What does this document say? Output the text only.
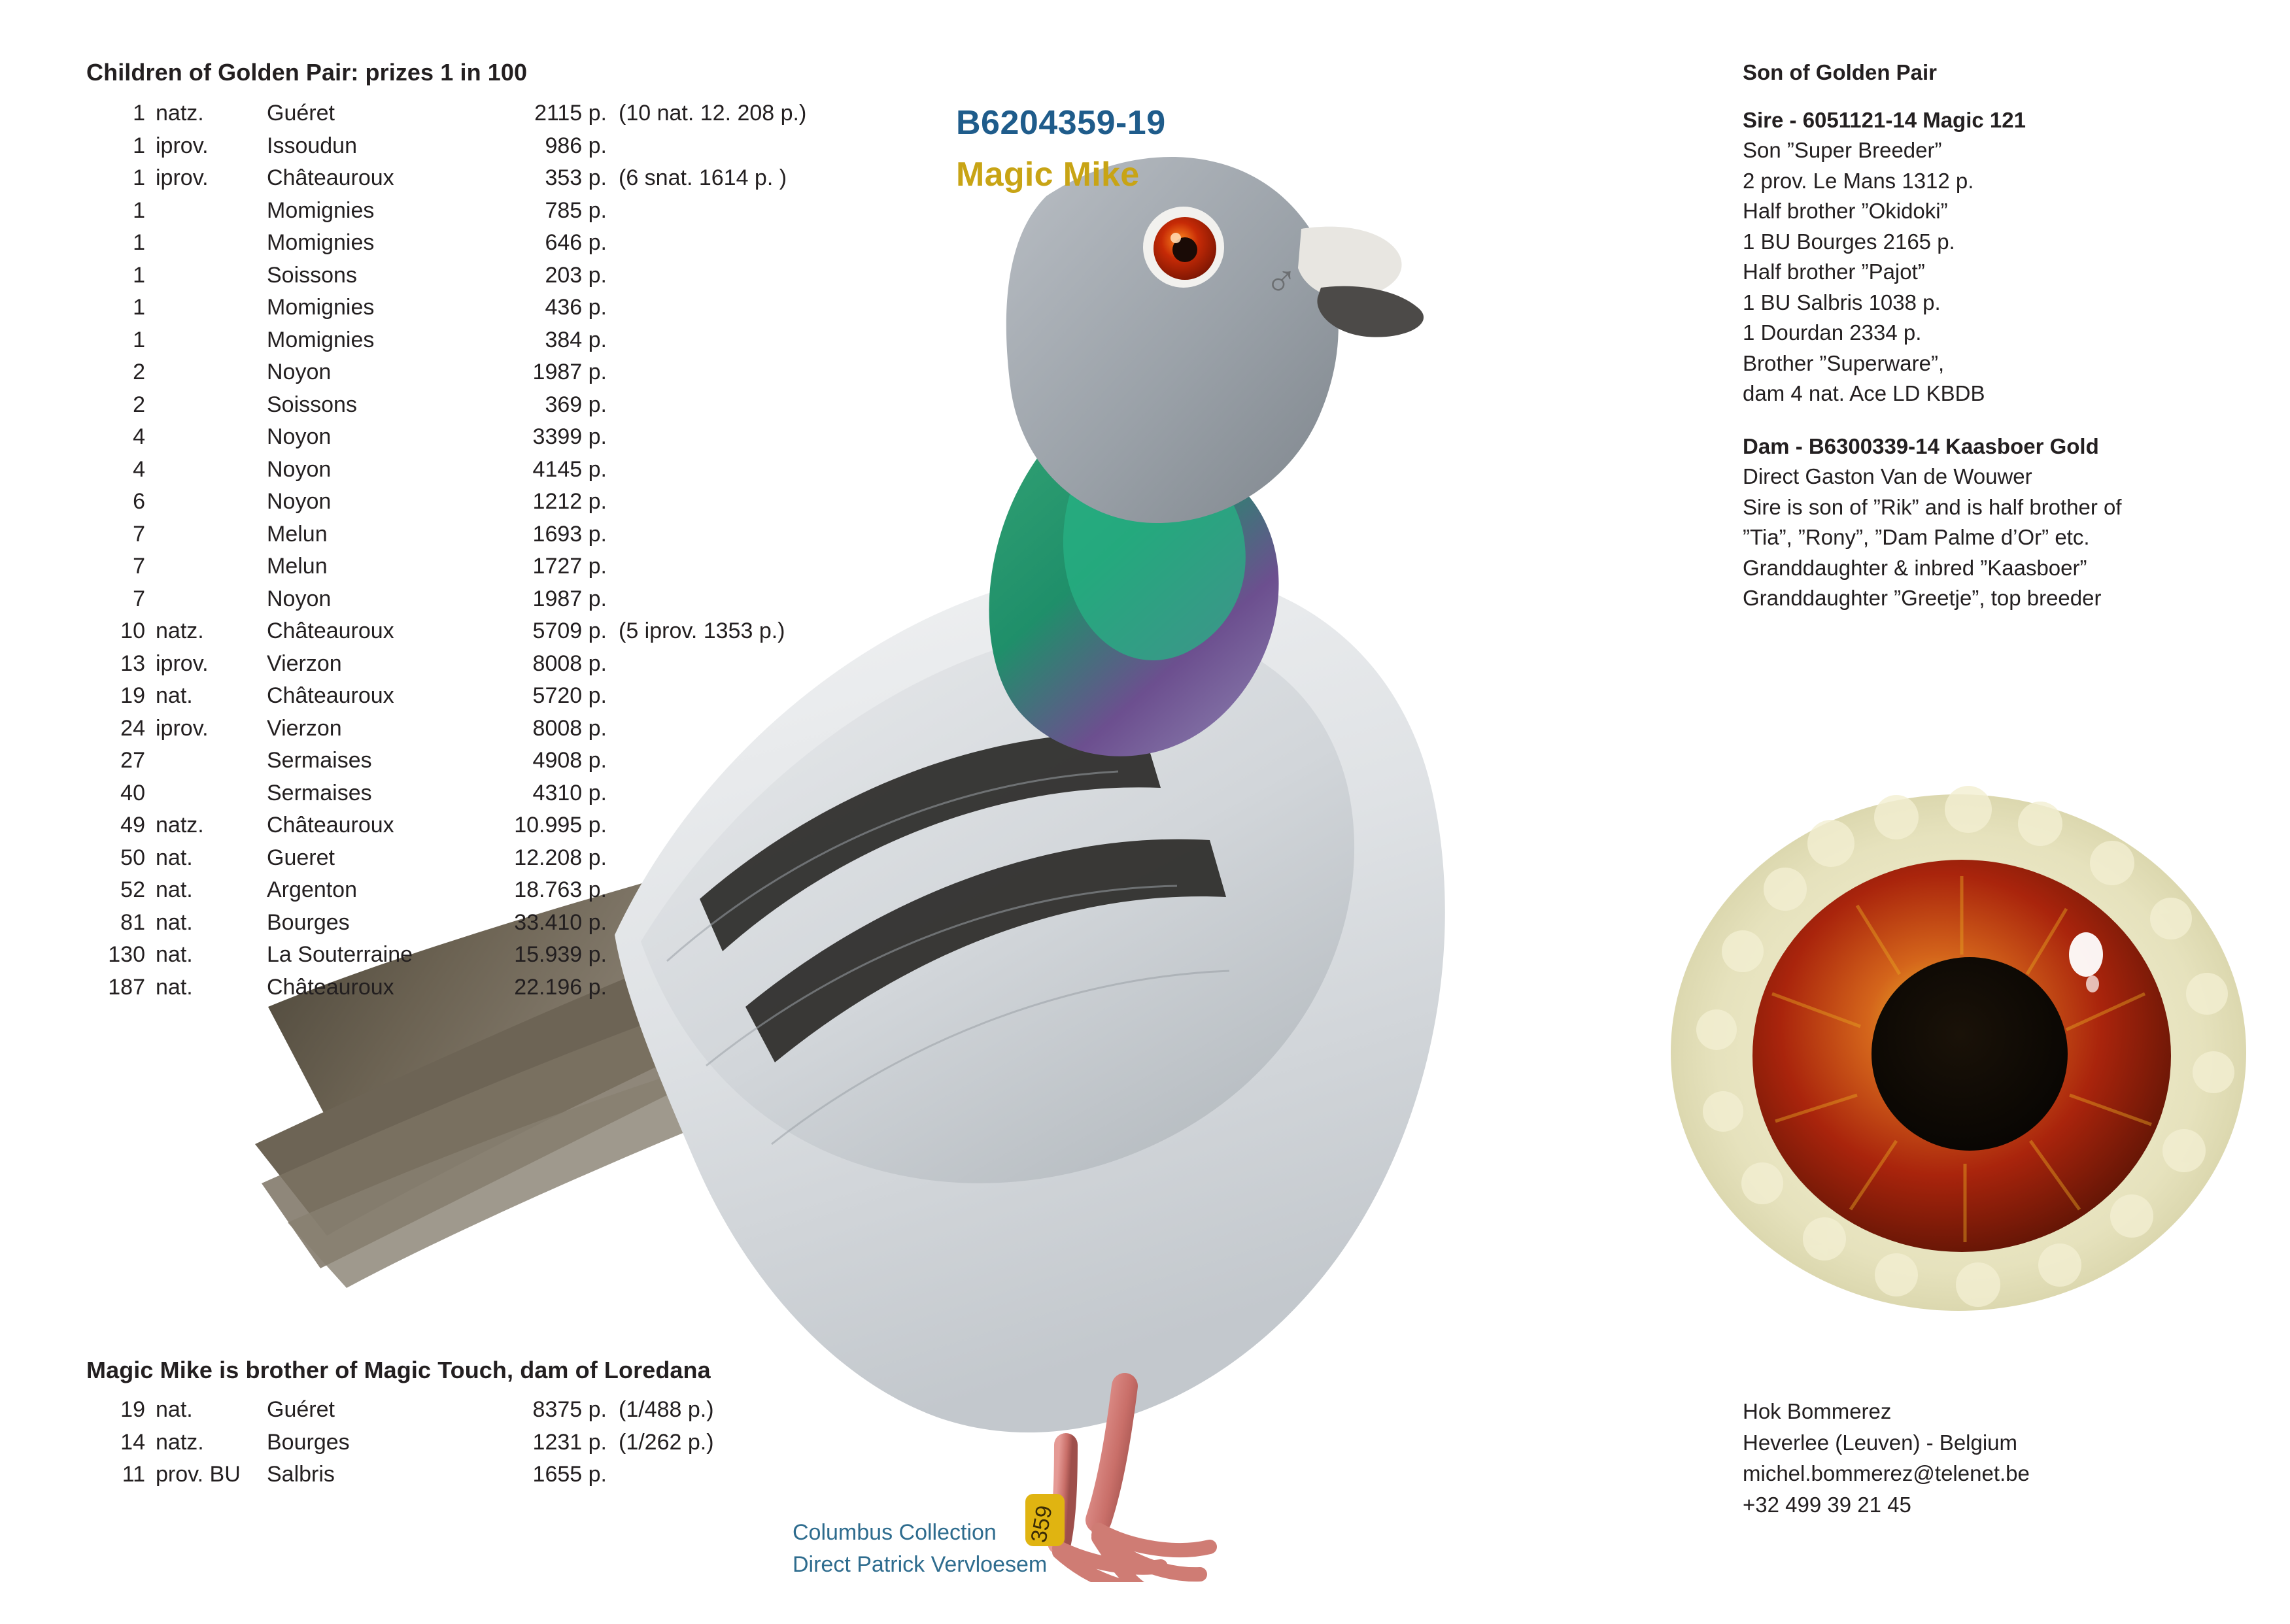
359
Children of Golden Pair: prizes 1 in 100
1	natz.	Guéret	2115 p.	(10 nat. 12. 208 p.)
1	iprov.	Issoudun	986 p.	
1	iprov.	Châteauroux	353 p.	(6 snat. 1614 p. )
1		Momignies	785 p.	
1		Momignies	646 p.	
1		Soissons	203 p.	
1		Momignies	436 p.	
1		Momignies	384 p.	
2		Noyon	1987 p.	
2		Soissons	369 p.	
4		Noyon	3399 p.	
4		Noyon	4145 p.	
6		Noyon	1212 p.	
7		Melun	1693 p.	
7		Melun	1727 p.	
7		Noyon	1987 p.	
10	natz.	Châteauroux	5709 p.	(5 iprov. 1353 p.)
13	iprov.	Vierzon	8008 p.	
19	nat.	Châteauroux	5720 p.	
24	iprov.	Vierzon	8008 p.	
27		Sermaises	4908 p.	
40		Sermaises	4310 p.	
49	natz.	Châteauroux	10.995 p.	
50	nat.	Gueret	12.208 p.	
52	nat.	Argenton	18.763 p.	
81	nat.	Bourges	33.410 p.	
130	nat.	La Souterraine	15.939 p.	
187	nat.	Châteauroux	22.196 p.	
Magic Mike is brother of Magic Touch, dam of Loredana
19	nat.	Guéret	8375 p.	(1/488 p.)
14	natz.	Bourges	1231 p.	(1/262 p.)
11	prov. BU	Salbris	1655 p.	
B6204359-19
Magic Mike
♂
Son of Golden Pair

Sire - 6051121-14 Magic 121

Son ”Super Breeder”

2 prov. Le Mans 1312 p.

Half brother ”Okidoki”

1 BU Bourges 2165 p.

Half brother ”Pajot”

1 BU Salbris 1038 p.

1 Dourdan 2334 p.

Brother ”Superware”,

dam 4 nat. Ace LD KBDB

Dam - B6300339-14 Kaasboer Gold

Direct Gaston Van de Wouwer

Sire is son of ”Rik” and is half brother of

”Tia”, ”Rony”, ”Dam Palme d’Or” etc.

Granddaughter & inbred ”Kaasboer”

Granddaughter ”Greetje”, top breeder

Hok Bommerez

Heverlee (Leuven) - Belgium

michel.bommerez@telenet.be

+32 499 39 21 45

Columbus Collection

Direct Patrick Vervloesem
